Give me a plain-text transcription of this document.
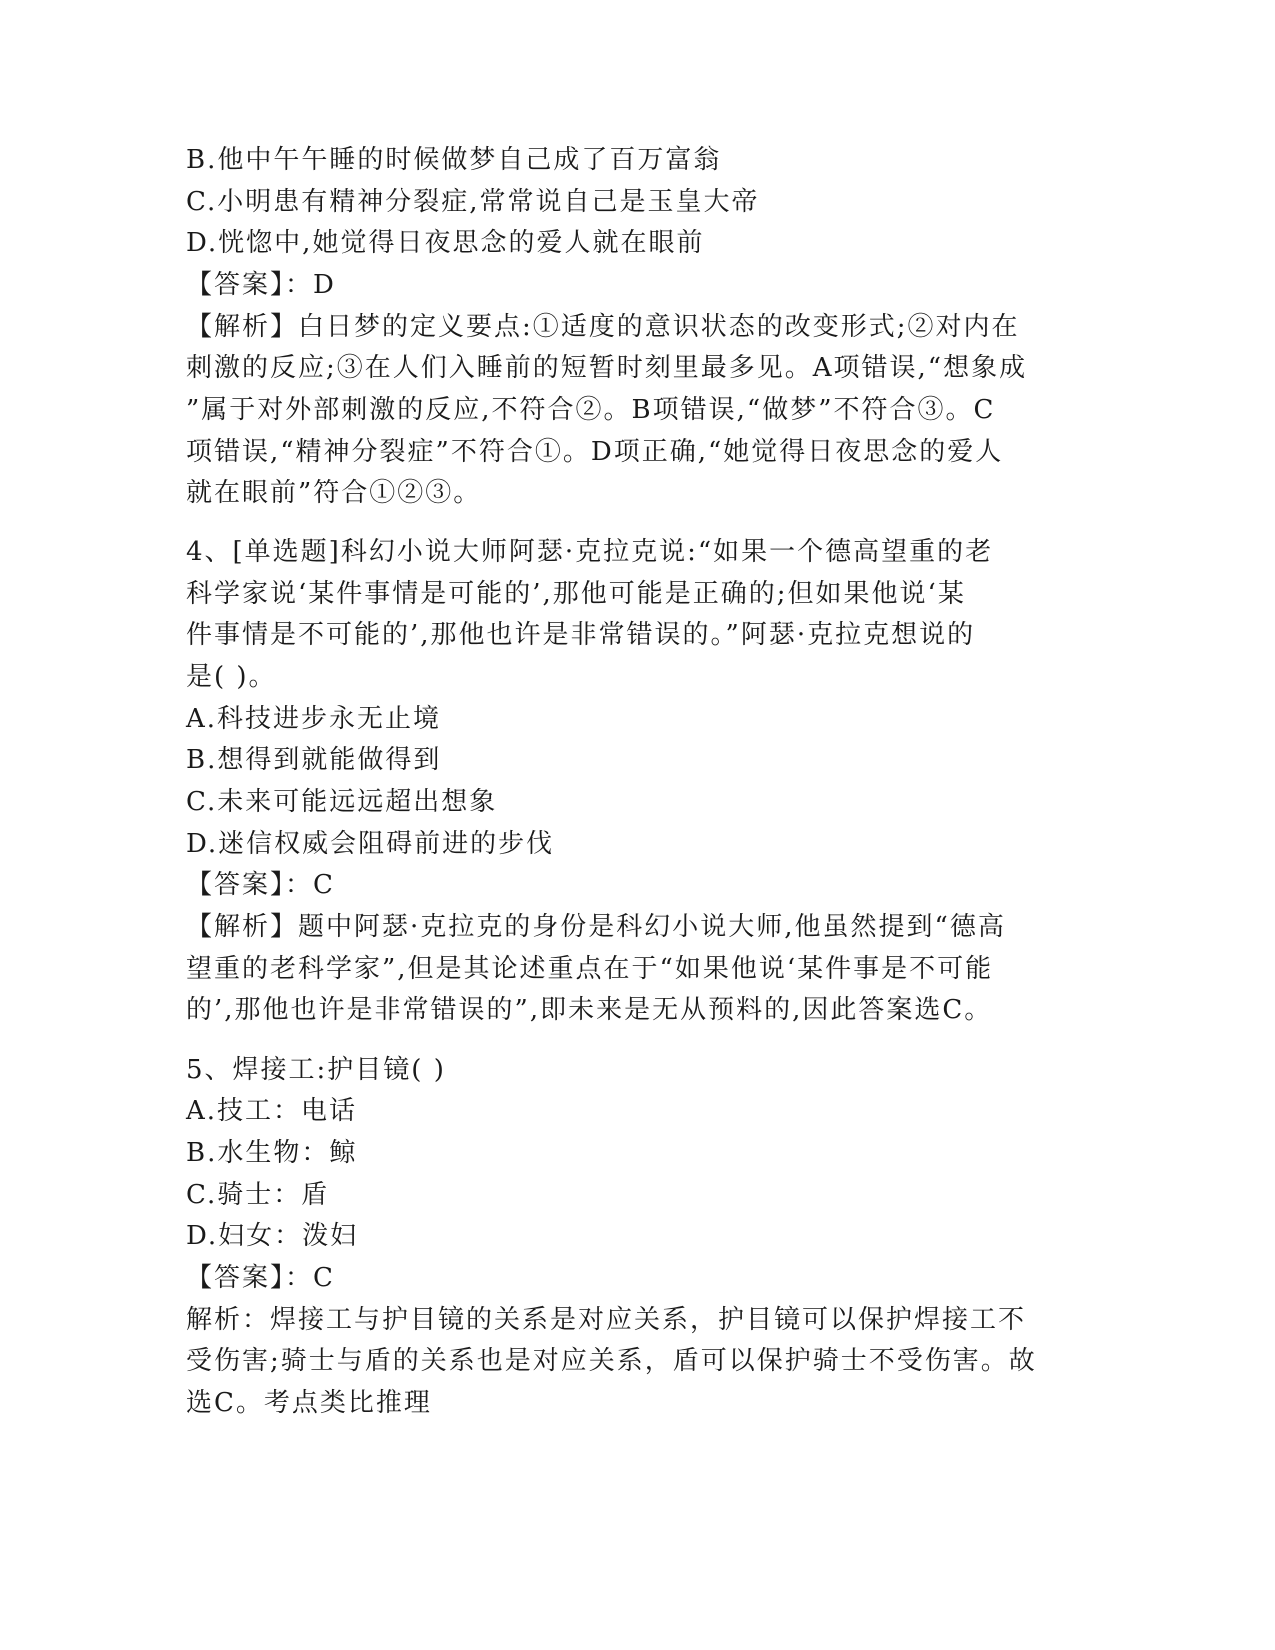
B.他中午午睡的时候做梦自己成了百万富翁
C.小明患有精神分裂症,常常说自己是玉皇大帝
D.恍惚中,她觉得日夜思念的爱人就在眼前
【答案】：D
【解析】白日梦的定义要点:①适度的意识状态的改变形式;②对内在
刺激的反应;③在人们入睡前的短暂时刻里最多见。A项错误,“想象成
”属于对外部刺激的反应,不符合②。B项错误,“做梦”不符合③。C
项错误,“精神分裂症”不符合①。D项正确,“她觉得日夜思念的爱人
就在眼前”符合①②③。
4、[单选题]科幻小说大师阿瑟·克拉克说:“如果一个德高望重的老
科学家说‘某件事情是可能的’,那他可能是正确的;但如果他说‘某
件事情是不可能的’,那他也许是非常错误的。”阿瑟·克拉克想说的
是( )。
A.科技进步永无止境
B.想得到就能做得到
C.未来可能远远超出想象
D.迷信权威会阻碍前进的步伐
【答案】：C
【解析】题中阿瑟·克拉克的身份是科幻小说大师,他虽然提到“德高
望重的老科学家”,但是其论述重点在于“如果他说‘某件事是不可能
的’,那他也许是非常错误的”,即未来是无从预料的,因此答案选C。
5、焊接工:护目镜( )
A.技工：电话
B.水生物：鲸
C.骑士：盾
D.妇女：泼妇
【答案】：C
解析：焊接工与护目镜的关系是对应关系，护目镜可以保护焊接工不
受伤害;骑士与盾的关系也是对应关系，盾可以保护骑士不受伤害。故
选C。考点类比推理
